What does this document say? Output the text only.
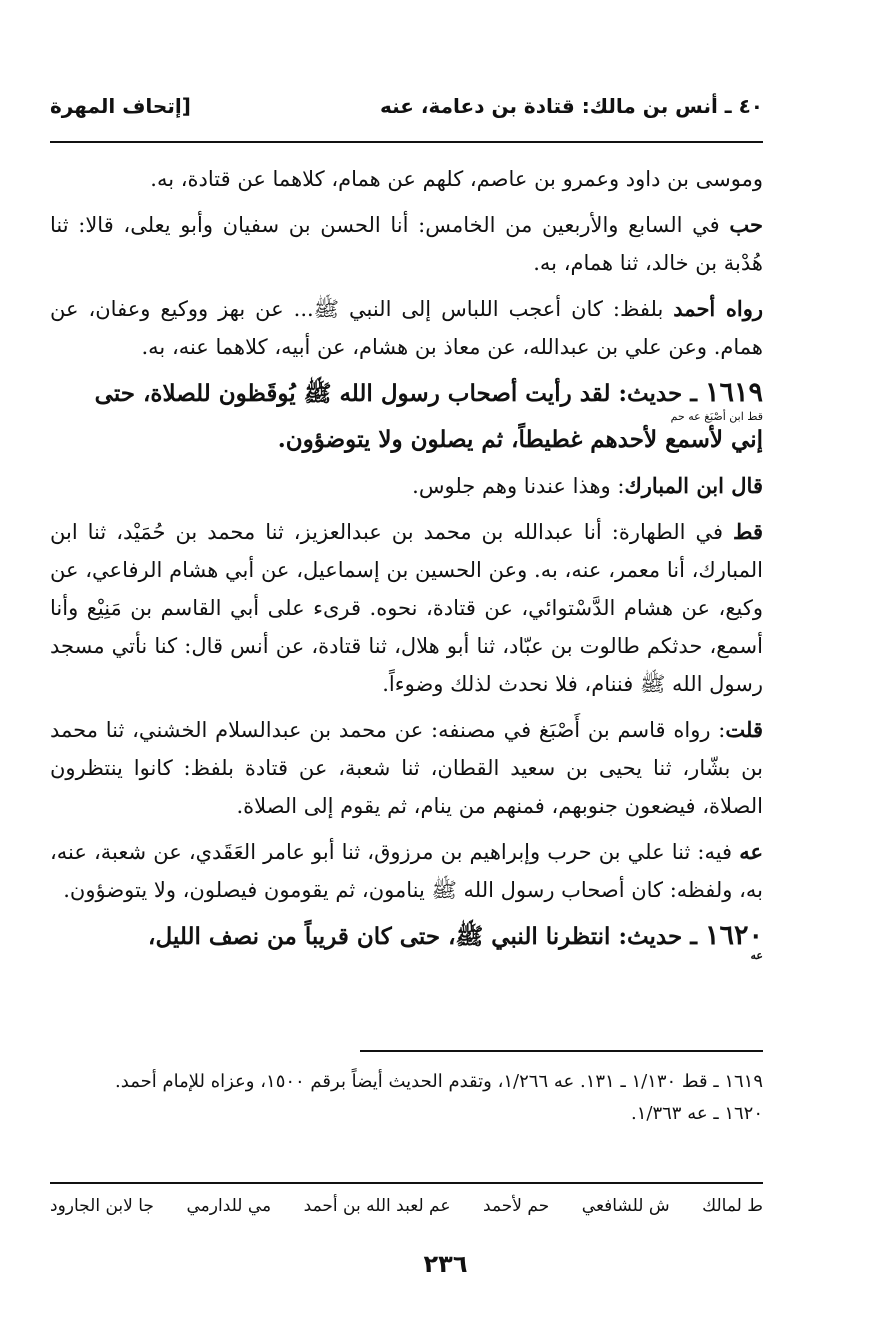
٤٠ ـ أنس بن مالك: قتادة بن دعامة، عنه
[إتحاف المهرة

وموسى بن داود وعمرو بن عاصم، كلهم عن همام، كلاهما عن قتادة، به.

حب في السابع والأربعين من الخامس: أنا الحسن بن سفيان وأبو يعلى، قالا: ثنا هُدْبة بن خالد، ثنا همام، به.

رواه أحمد بلفظ: كان أعجب اللباس إلى النبي ﷺ... عن بهز ووكيع وعفان، عن همام. وعن علي بن عبدالله، عن معاذ بن هشام، عن أبيه، كلاهما عنه، به.

١٦١٩ ـ حديث: لقد رأيت أصحاب رسول الله ﷺ يُوقَظون للصلاة، حتى
قط ابن أصْبَغ عه حم
إني لأسمع لأحدهم غطيطاً، ثم يصلون ولا يتوضؤون.

قال ابن المبارك: وهذا عندنا وهم جلوس.

قط في الطهارة: أنا عبدالله بن محمد بن عبدالعزيز، ثنا محمد بن حُمَيْد، ثنا ابن المبارك، أنا معمر، عنه، به. وعن الحسين بن إسماعيل، عن أبي هشام الرفاعي، عن وكيع، عن هشام الدَّسْتوائي، عن قتادة، نحوه. قرىء على أبي القاسم بن مَنِيْع وأنا أسمع، حدثكم طالوت بن عبّاد، ثنا أبو هلال، ثنا قتادة، عن أنس قال: كنا نأتي مسجد رسول الله ﷺ فننام، فلا نحدث لذلك وضوءاً.

قلت: رواه قاسم بن أَصْبَغ في مصنفه: عن محمد بن عبدالسلام الخشني، ثنا محمد بن بشّار، ثنا يحيى بن سعيد القطان، ثنا شعبة، عن قتادة بلفظ: كانوا ينتظرون الصلاة، فيضعون جنوبهم، فمنهم من ينام، ثم يقوم إلى الصلاة.

عه فيه: ثنا علي بن حرب وإبراهيم بن مرزوق، ثنا أبو عامر العَقَدي، عن شعبة، عنه، به، ولفظه: كان أصحاب رسول الله ﷺ ينامون، ثم يقومون فيصلون، ولا يتوضؤون.

١٦٢٠ ـ حديث: انتظرنا النبي ﷺ، حتى كان قريباً من نصف الليل،
عه

١٦١٩ ـ قط ١/١٣٠ ـ ١٣١. عه ١/٢٦٦، وتقدم الحديث أيضاً برقم ١٥٠٠، وعزاه للإمام أحمد.

١٦٢٠ ـ عه ١/٣٦٣.

ط لمالك
ش للشافعي
حم لأحمد
عم لعبد الله بن أحمد
مي للدارمي
جا لابن الجارود
٢٣٦
